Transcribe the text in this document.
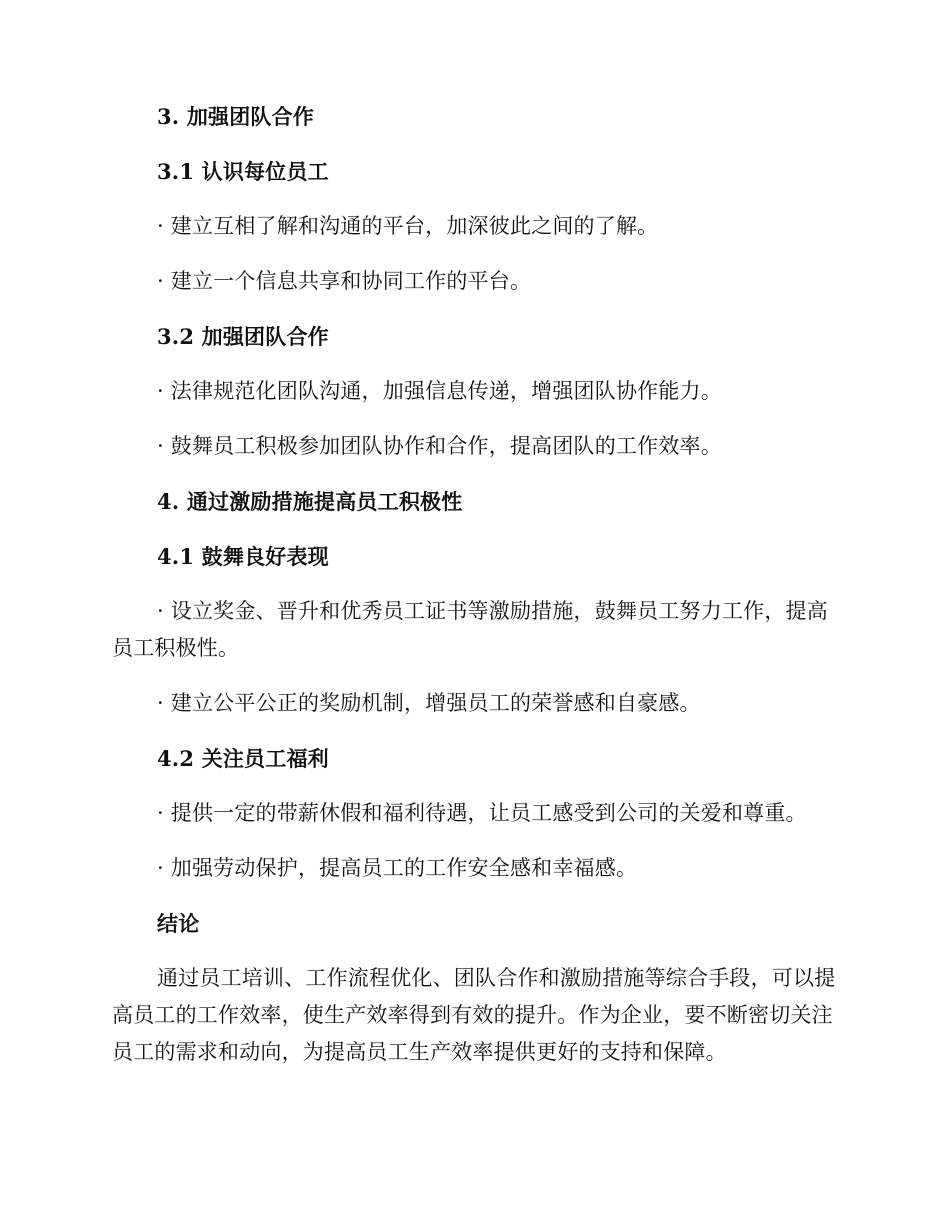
3. 加强团队合作
3.1 认识每位员工
· 建立互相了解和沟通的平台，加深彼此之间的了解。
· 建立一个信息共享和协同工作的平台。
3.2 加强团队合作
· 法律规范化团队沟通，加强信息传递，增强团队协作能力。
· 鼓舞员工积极参加团队协作和合作，提高团队的工作效率。
4. 通过激励措施提高员工积极性
4.1 鼓舞良好表现
· 设立奖金、晋升和优秀员工证书等激励措施，鼓舞员工努力工作，提高员工积极性。
· 建立公平公正的奖励机制，增强员工的荣誉感和自豪感。
4.2 关注员工福利
· 提供一定的带薪休假和福利待遇，让员工感受到公司的关爱和尊重。
· 加强劳动保护，提高员工的工作安全感和幸福感。
结论
通过员工培训、工作流程优化、团队合作和激励措施等综合手段，可以提高员工的工作效率，使生产效率得到有效的提升。作为企业，要不断密切关注员工的需求和动向，为提高员工生产效率提供更好的支持和保障。
